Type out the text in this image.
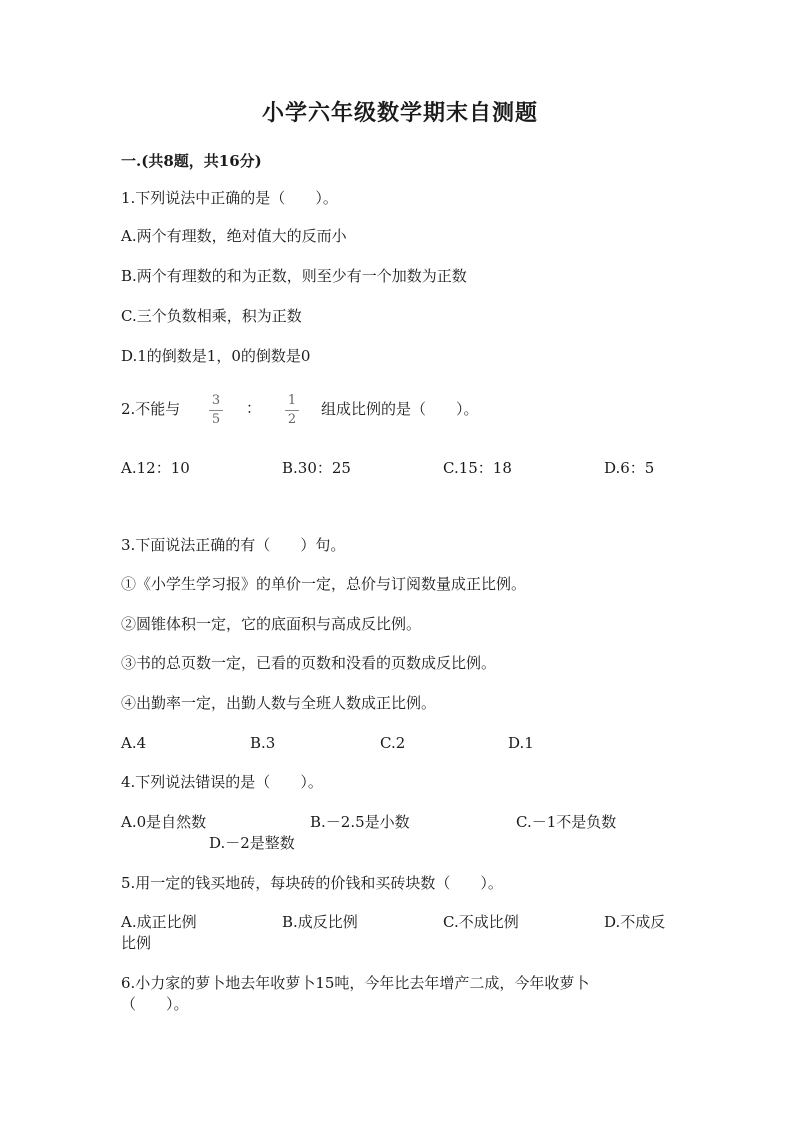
小学六年级数学期末自测题
一.(共8题，共16分)
1.下列说法中正确的是（　　）。
A.两个有理数，绝对值大的反而小
B.两个有理数的和为正数，则至少有一个加数为正数
C.三个负数相乘，积为正数
D.1的倒数是1，0的倒数是0
2.不能与	3
5
：	1
2
组成比例的是（　　）。
A.12：10	B.30：25	C.15：18	D.6：5
3.下面说法正确的有（　　）句。
①《小学生学习报》的单价一定，总价与订阅数量成正比例。
②圆锥体积一定，它的底面积与高成反比例。
③书的总页数一定，已看的页数和没看的页数成反比例。
④出勤率一定，出勤人数与全班人数成正比例。
A.4	B.3	C.2	D.1
4.下列说法错误的是（　　）。
A.0是自然数	B.－2.5是小数	C.－1不是负数
D.－2是整数
5.用一定的钱买地砖，每块砖的价钱和买砖块数（　　）。
A.成正比例	B.成反比例	C.不成比例	D.不成反
比例
6.小力家的萝卜地去年收萝卜15吨，今年比去年增产二成，今年收萝卜
（　　）。
